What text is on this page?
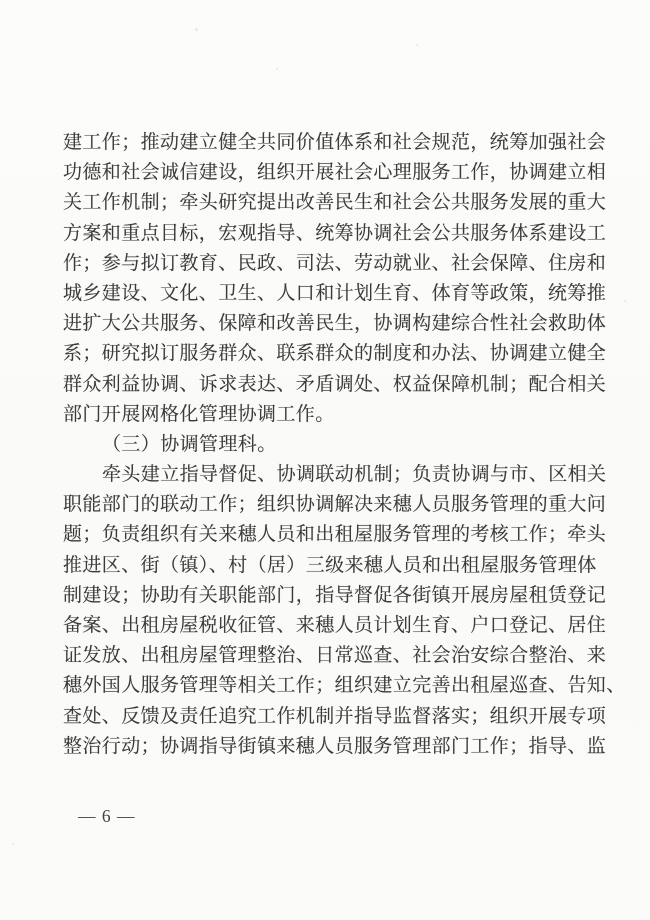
建工作；推动建立健全共同价值体系和社会规范，统筹加强社会
功德和社会诚信建设，组织开展社会心理服务工作，协调建立相
关工作机制；牵头研究提出改善民生和社会公共服务发展的重大
方案和重点目标，宏观指导、统筹协调社会公共服务体系建设工
作；参与拟订教育、民政、司法、劳动就业、社会保障、住房和
城乡建设、文化、卫生、人口和计划生育、体育等政策，统筹推
进扩大公共服务、保障和改善民生，协调构建综合性社会救助体
系；研究拟订服务群众、联系群众的制度和办法、协调建立健全
群众利益协调、诉求表达、矛盾调处、权益保障机制；配合相关
部门开展网格化管理协调工作。
（三）协调管理科。
牵头建立指导督促、协调联动机制；负责协调与市、区相关
职能部门的联动工作；组织协调解决来穗人员服务管理的重大问
题；负责组织有关来穗人员和出租屋服务管理的考核工作；牵头
推进区、街（镇）、村（居）三级来穗人员和出租屋服务管理体
制建设；协助有关职能部门，指导督促各街镇开展房屋租赁登记
备案、出租房屋税收征管、来穗人员计划生育、户口登记、居住
证发放、出租房屋管理整治、日常巡查、社会治安综合整治、来
穗外国人服务管理等相关工作；组织建立完善出租屋巡查、告知、
查处、反馈及责任追究工作机制并指导监督落实；组织开展专项
整治行动；协调指导街镇来穗人员服务管理部门工作；指导、监
— 6 —
